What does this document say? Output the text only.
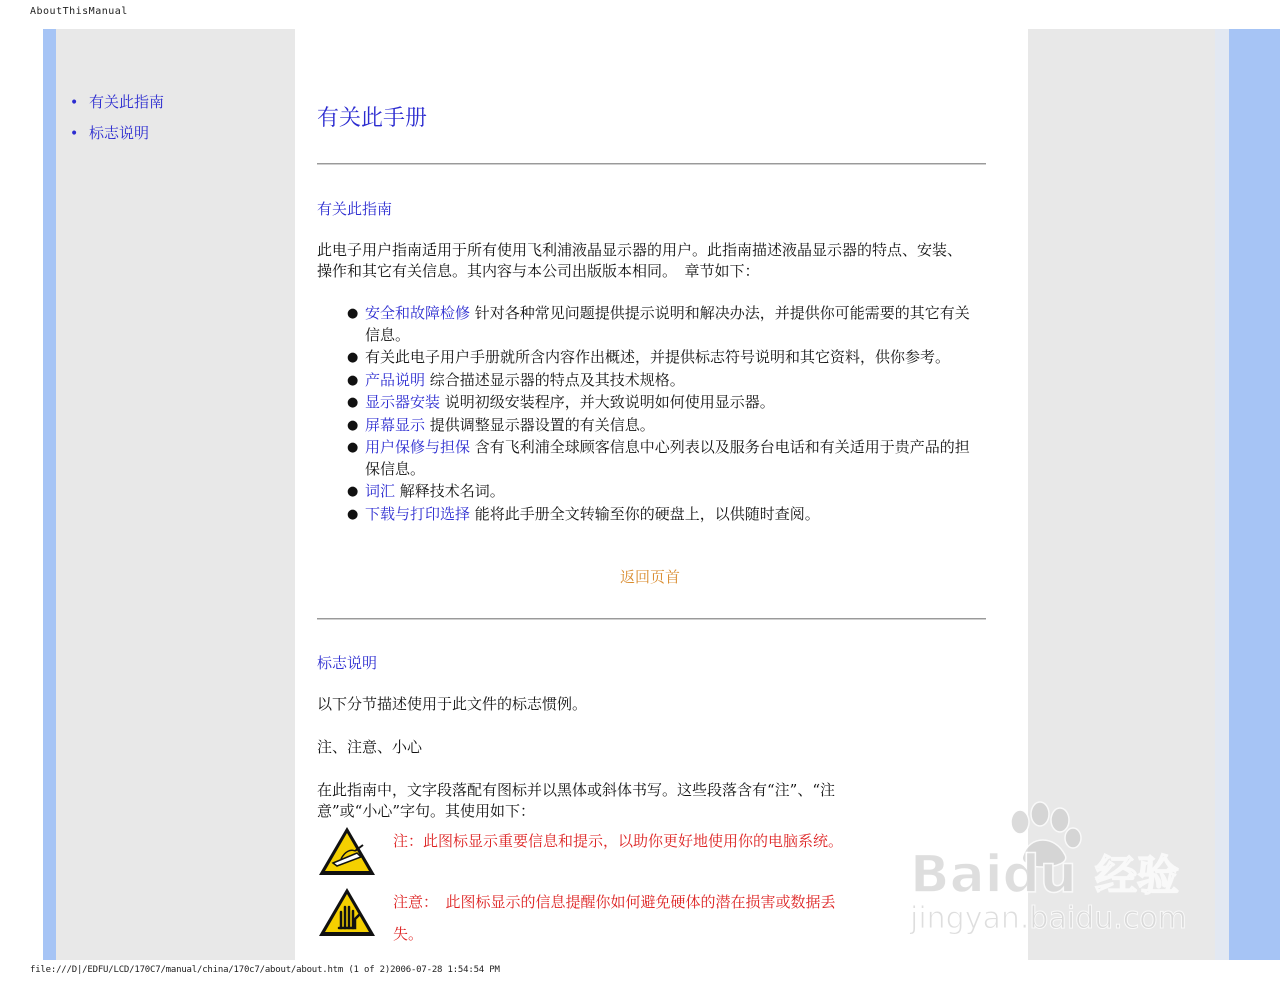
AboutThisManual
• 有关此指南
• 标志说明
有关此手册
有关此指南

此电子用户指南适用于所有使用飞利浦液晶显示器的用户。此指南描述液晶显示器的特点、安装、操作和其它有关信息。其内容与本公司出版版本相同。　章节如下：

● 安全和故障检修 针对各种常见问题提供提示说明和解决办法，并提供你可能需要的其它有关信息。
● 有关此电子用户手册就所含内容作出概述，并提供标志符号说明和其它资料，供你参考。
● 产品说明 综合描述显示器的特点及其技术规格。
● 显示器安装 说明初级安装程序，并大致说明如何使用显示器。
● 屏幕显示 提供调整显示器设置的有关信息。
● 用户保修与担保 含有飞利浦全球顾客信息中心列表以及服务台电话和有关适用于贵产品的担保信息。
● 词汇 解释技术名词。
● 下载与打印选择 能将此手册全文转输至你的硬盘上，以供随时查阅。
返回页首
标志说明

以下分节描述使用于此文件的标志惯例。

注、注意、小心

在此指南中，文字段落配有图标并以黑体或斜体书写。这些段落含有“注”、“注意”或“小心”字句。其使用如下：

注：此图标显示重要信息和提示，以助你更好地使用你的电脑系统。
注意：　此图标显示的信息提醒你如何避免硬体的潜在损害或数据丢失。
Baidu 经验
jingyan.baidu.com
file:///D|/EDFU/LCD/170C7/manual/china/170c7/about/about.htm (1 of 2)2006-07-28 1:54:54 PM
